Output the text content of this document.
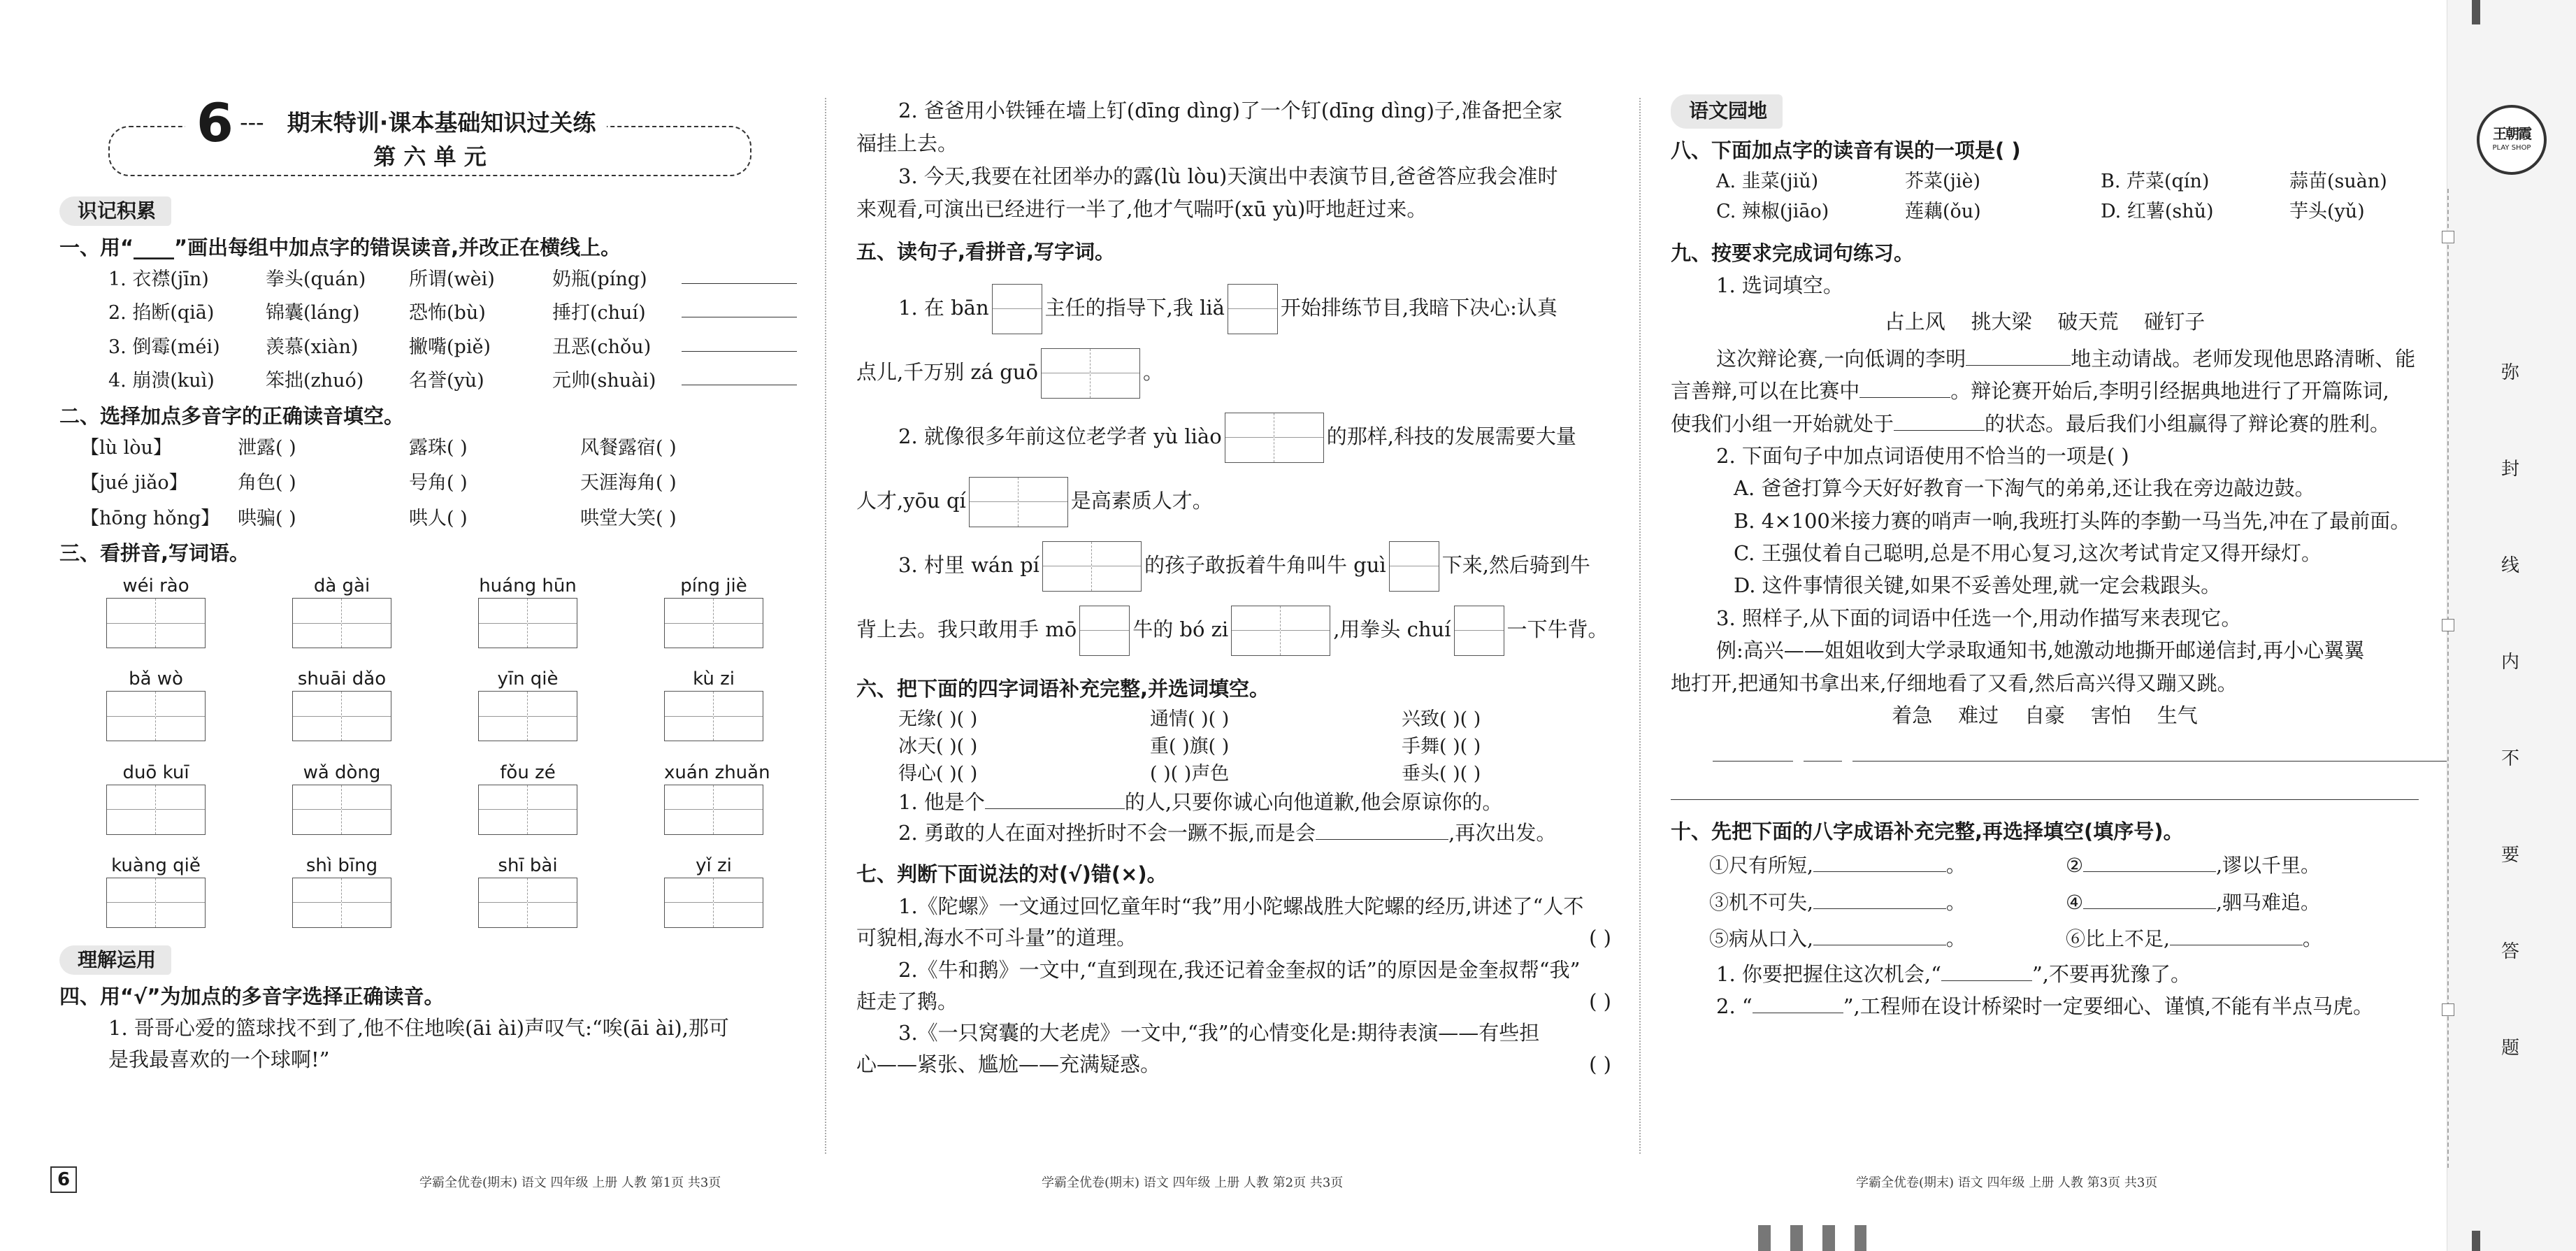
6 --- 期末特训·课本基础知识过关练
第 六 单 元
识记积累

一、用“____”画出每组中加点字的错误读音,并改正在横线上。

1. 衣襟(jīn)	拳头(quán)	所谓(wèi)	奶瓶(píng)
2. 掐断(qiā)	锦囊(láng)	恐怖(bù)	捶打(chuí)
3. 倒霉(méi)	羡慕(xiàn)	撇嘴(piě)	丑恶(chǒu)
4. 崩溃(kuì)	笨拙(zhuó)	名誉(yù)	元帅(shuài)

二、选择加点多音字的正确读音填空。

【lù lòu】	泄露( )	露珠( )	风餐露宿( )
【jué jiǎo】	角色( )	号角( )	天涯海角( )
【hōng hǒng】 哄骗( )	哄人( )	哄堂大笑( )

三、看拼音,写词语。

wéi rào	dà gài	huáng hūn	píng jiè
bǎ wò	shuāi dǎo	yīn qiè	kù zi
duō kuī	wǎ dòng	fǒu zé	xuán zhuǎn
kuàng qiě	shì bīng	shī bài	yǐ zi
理解运用

四、用“√”为加点的多音字选择正确读音。

1. 哥哥心爱的篮球找不到了,他不住地唉(āi ài)声叹气:“唉(āi ài),那可

是我最喜欢的一个球啊!”

2. 爸爸用小铁锤在墙上钉(dīng dìng)了一个钉(dīng dìng)子,准备把全家

福挂上去。

3. 今天,我要在社团举办的露(lù lòu)天演出中表演节目,爸爸答应我会准时

来观看,可演出已经进行一半了,他才气喘吁(xū yù)吁地赶过来。

五、读句子,看拼音,写字词。

1. 在 bān	主任的指导下,我 liǎ	开始排练节目,我暗下决心:认真
点儿,千万别 zá guō	。
2. 就像很多年前这位老学者 yù liào	的那样,科技的发展需要大量
人才,yōu qí	是高素质人才。
3. 村里 wán pí	的孩子敢扳着牛角叫牛 guì	下来,然后骑到牛
背上去。我只敢用手 mō	牛的 bó zi	,用拳头 chuí	一下牛背。

六、把下面的四字词语补充完整,并选词填空。

无缘( )( )	通情( )( )	兴致( )( )
冰天( )( )	重( )旗( )	手舞( )( )
得心( )( )	( )( )声色	垂头( )( )

1. 他是个	的人,只要你诚心向他道歉,他会原谅你的。

2. 勇敢的人在面对挫折时不会一蹶不振,而是会	,再次出发。

七、判断下面说法的对(√)错(×)。

1.《陀螺》一文通过回忆童年时“我”用小陀螺战胜大陀螺的经历,讲述了“人不

可貌相,海水不可斗量”的道理。	( )

2.《牛和鹅》一文中,“直到现在,我还记着金奎叔的话”的原因是金奎叔帮“我”

赶走了鹅。	( )

3.《一只窝囊的大老虎》一文中,“我”的心情变化是:期待表演——有些担

心——紧张、尴尬——充满疑惑。	( )

语文园地

八、下面加点字的读音有误的一项是( )

A. 韭菜(jiǔ)	芥菜(jiè)	B. 芹菜(qín)	蒜苗(suàn)
C. 辣椒(jiāo)	莲藕(ǒu)	D. 红薯(shǔ)	芋头(yǔ)

九、按要求完成词句练习。

1. 选词填空。

占上风    挑大梁    破天荒    碰钉子

这次辩论赛,一向低调的李明	地主动请战。老师发现他思路清晰、能

言善辩,可以在比赛中	。辩论赛开始后,李明引经据典地进行了开篇陈词,

使我们小组一开始就处于	的状态。最后我们小组赢得了辩论赛的胜利。

2. 下面句子中加点词语使用不恰当的一项是( )

A. 爸爸打算今天好好教育一下淘气的弟弟,还让我在旁边敲边鼓。

B. 4×100米接力赛的哨声一响,我班打头阵的李勤一马当先,冲在了最前面。

C. 王强仗着自己聪明,总是不用心复习,这次考试肯定又得开绿灯。

D. 这件事情很关键,如果不妥善处理,就一定会栽跟头。

3. 照样子,从下面的词语中任选一个,用动作描写来表现它。

例:高兴——姐姐收到大学录取通知书,她激动地撕开邮递信封,再小心翼翼

地打开,把通知书拿出来,仔细地看了又看,然后高兴得又蹦又跳。

着急    难过    自豪    害怕    生气

十、先把下面的八字成语补充完整,再选择填空(填序号)。

①尺有所短,	。	②	,谬以千里。
③机不可失,	。	④	,驷马难追。
⑤病从口入,	。	⑥比上不足,	。

1. 你要把握住这次机会,“	”,不要再犹豫了。

2. “	”,工程师在设计桥梁时一定要细心、谨慎,不能有半点马虎。

6	学霸全优卷(期末) 语文 四年级 上册 人教 第1页 共3页	学霸全优卷(期末) 语文 四年级 上册 人教 第2页 共3页	学霸全优卷(期末) 语文 四年级 上册 人教 第3页 共3页
王朝霞
PLAY SHOP
弥
封
线
内
不
要
答
题
